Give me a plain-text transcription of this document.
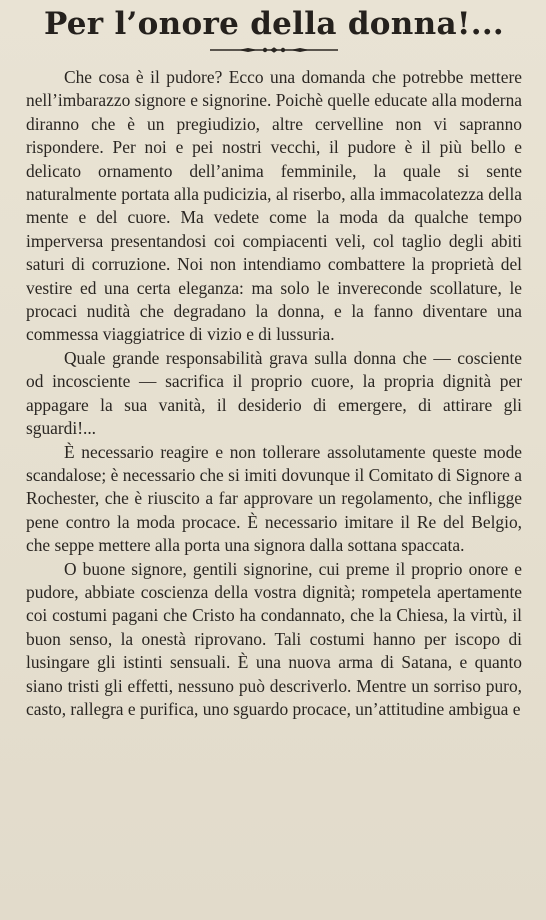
Per l’onore della donna!...

Che cosa è il pudore? Ecco una domanda che potrebbe mettere nell’imbarazzo signore e signorine. Poichè quelle educate alla moderna diranno che è un pregiudizio, altre cervelline non vi sapranno rispondere. Per noi e pei nostri vecchi, il pudore è il più bello e delicato ornamento dell’anima femminile, la quale si sente naturalmente portata alla pudicizia, al riserbo, alla immacolatezza della mente e del cuore. Ma vedete come la moda da qualche tempo imperversa presentandosi coi compiacenti veli, col taglio degli abiti saturi di corruzione. Noi non intendiamo combattere la proprietà del vestire ed una certa eleganza: ma solo le invereconde scollature, le procaci nudità che degradano la donna, e la fanno diventare una commessa viaggiatrice di vizio e di lussuria.

Quale grande responsabilità grava sulla donna che — cosciente od incosciente — sacrifica il proprio cuore, la propria dignità per appagare la sua vanità, il desiderio di emergere, di attirare gli sguardi!...

È necessario reagire e non tollerare assolutamente queste mode scandalose; è necessario che si imiti dovunque il Comitato di Signore a Rochester, che è riuscito a far approvare un regolamento, che infligge pene contro la moda procace. È necessario imitare il Re del Belgio, che seppe mettere alla porta una signora dalla sottana spaccata.

O buone signore, gentili signorine, cui preme il proprio onore e pudore, abbiate coscienza della vostra dignità; rompetela apertamente coi costumi pagani che Cristo ha condannato, che la Chiesa, la virtù, il buon senso, la onestà riprovano. Tali costumi hanno per iscopo di lusingare gli istinti sensuali. È una nuova arma di Satana, e quanto siano tristi gli effetti, nessuno può descriverlo. Mentre un sorriso puro, casto, rallegra e purifica, uno sguardo procace, un’attitudine ambigua e
